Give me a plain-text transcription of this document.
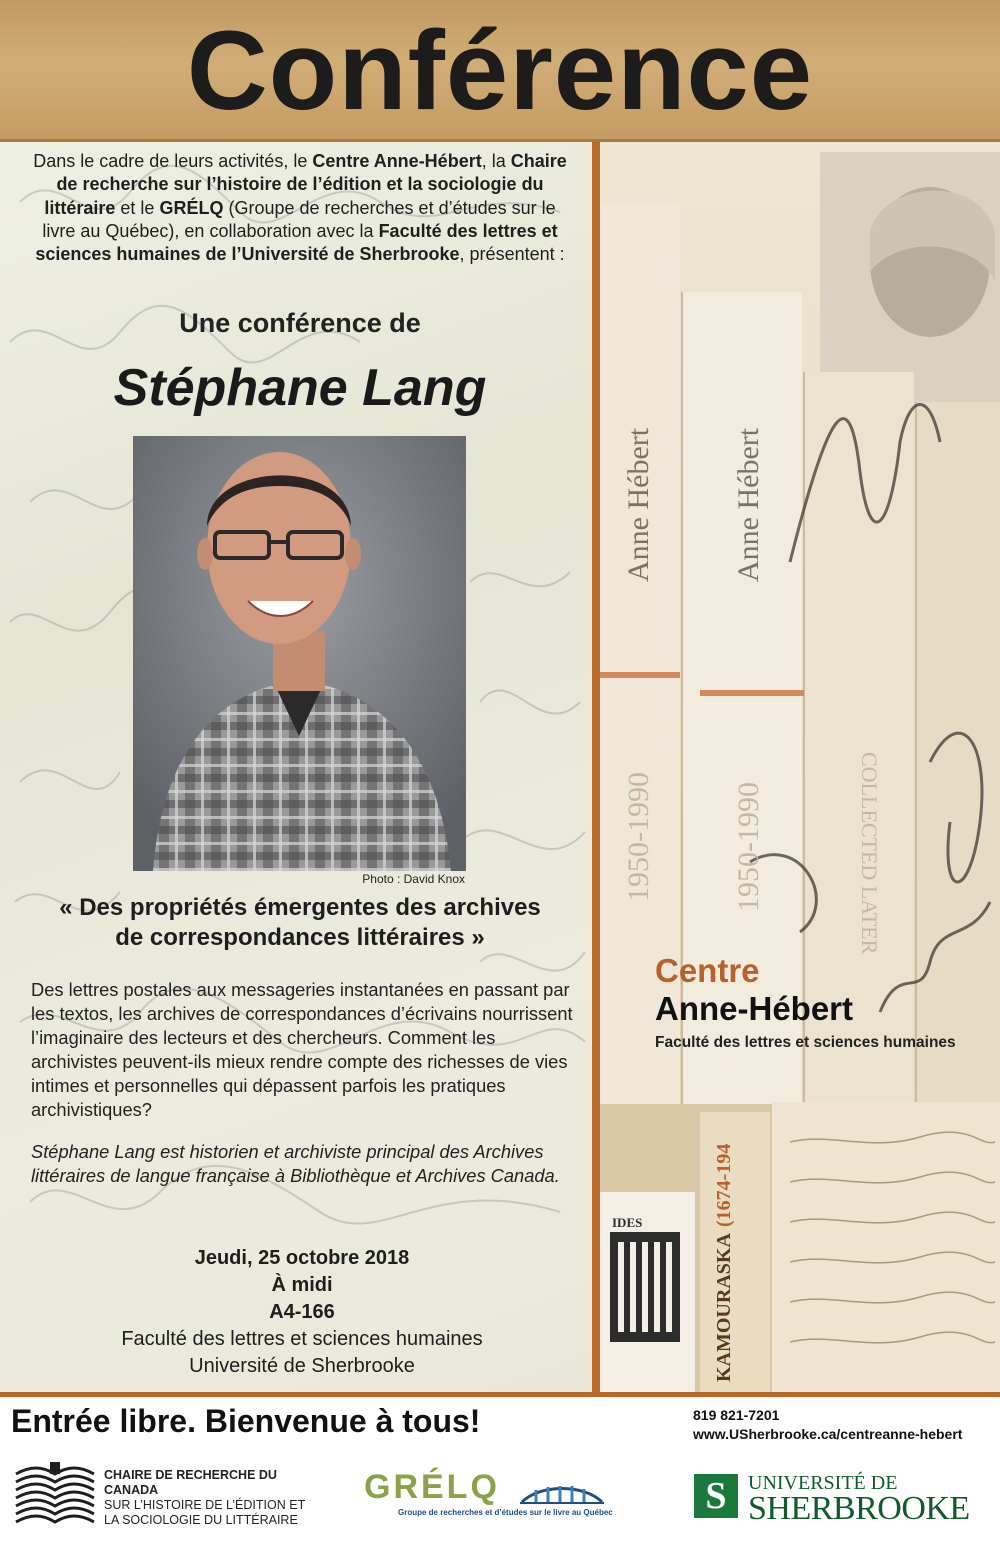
Conférence
Anne Hébert	Anne Hébert
1950-1990	1950-1990	COLLECTED LATER
KAMOURASKA
(1674-194
IDES
Centre
Anne-Hébert
Faculté des lettres et sciences humaines
Dans le cadre de leurs activités, le Centre Anne-Hébert, la Chaire de recherche sur l’histoire de l’édition et la sociologie du littéraire et le GRÉLQ (Groupe de recherches et d’études sur le livre au Québec), en collaboration avec la Faculté des lettres et sciences humaines de l’Université de Sherbrooke, présentent :
Une conférence de
Stéphane Lang
Photo : David Knox
« Des propriétés émergentes des archives
de correspondances littéraires »
Des lettres postales aux messageries instantanées en passant par les textos, les archives de correspondances d’écrivains nourrissent l’imaginaire des lecteurs et des chercheurs. Comment les archivistes peuvent-ils mieux rendre compte des richesses de vies intimes et personnelles qui dépassent parfois les pratiques archivistiques?
Stéphane Lang est historien et archiviste principal des Archives littéraires de langue française à Bibliothèque et Archives Canada.
Jeudi, 25 octobre 2018
À midi
A4-166
Faculté des lettres et sciences humaines
Université de Sherbrooke
Entrée libre. Bienvenue à tous!	819 821-7201
www.USherbrooke.ca/centreanne-hebert
CHAIRE DE RECHERCHE DU CANADA
SUR L’HISTOIRE DE L’ÉDITION ET
LA SOCIOLOGIE DU LITTÉRAIRE
GRÉLQ
Groupe de recherches et d’études sur le livre au Québec	S	UNIVERSITÉ DE
SHERBROOKE
